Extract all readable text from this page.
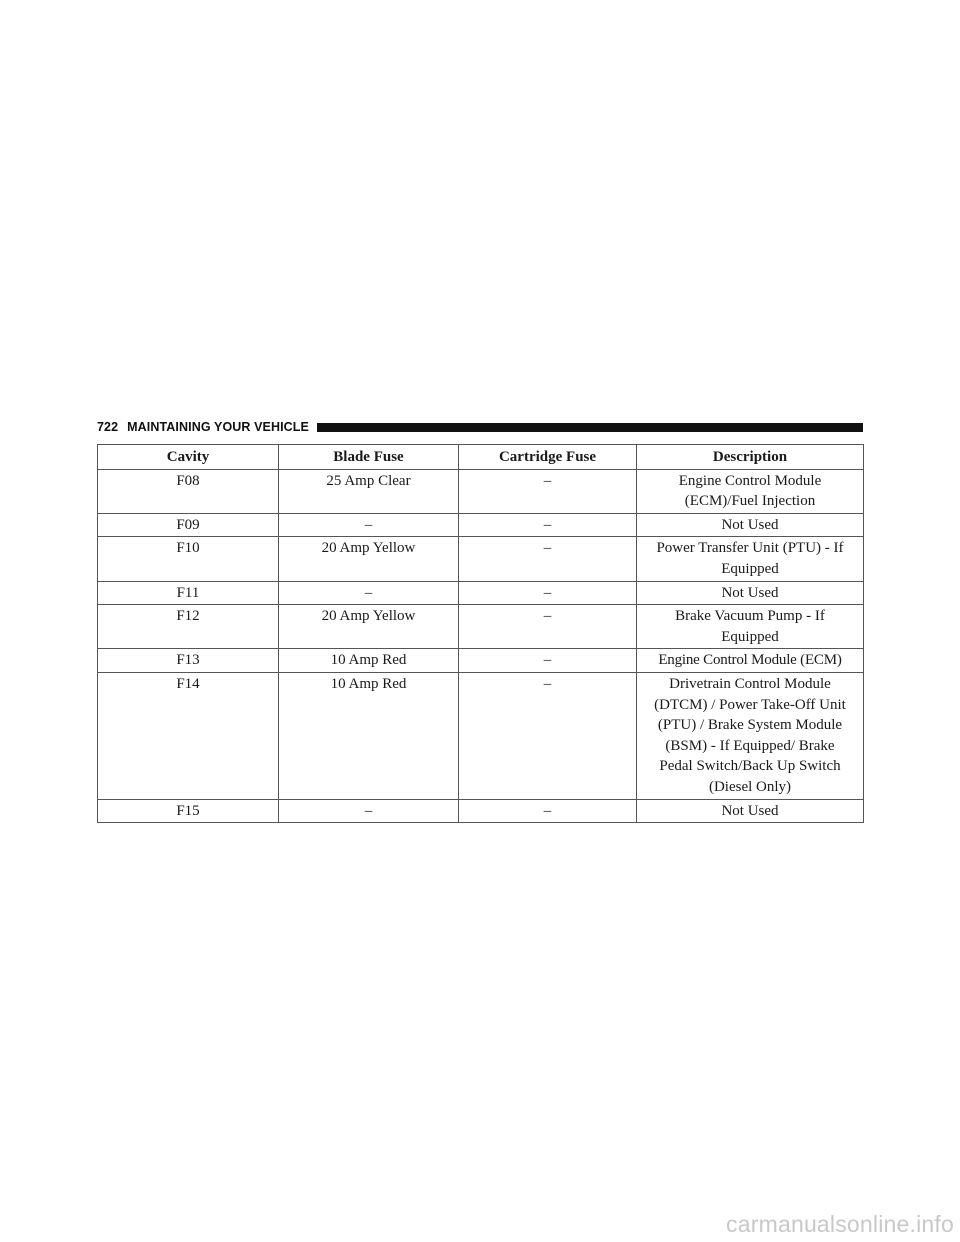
722 MAINTAINING YOUR VEHICLE
Cavity	Blade Fuse	Cartridge Fuse	Description
F08	25 Amp Clear	–	Engine Control Module (ECM)/Fuel Injection
F09	–	–	Not Used
F10	20 Amp Yellow	–	Power Transfer Unit (PTU) - If Equipped
F11	–	–	Not Used
F12	20 Amp Yellow	–	Brake Vacuum Pump - If Equipped
F13	10 Amp Red	–	Engine Control Module (ECM)
F14	10 Amp Red	–	Drivetrain Control Module (DTCM) / Power Take-Off Unit (PTU) / Brake System Module (BSM) - If Equipped/ Brake Pedal Switch/Back Up Switch (Diesel Only)
F15	–	–	Not Used
carmanualsonline.info
